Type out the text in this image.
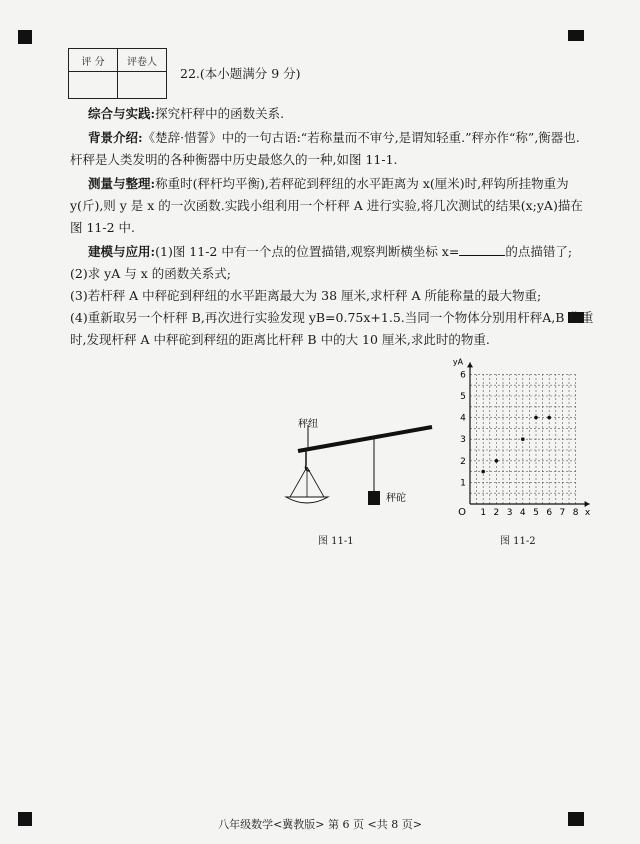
评 分	评卷人

22.(本小题满分 9 分)
综合与实践:探究杆秤中的函数关系.
背景介绍:《楚辞·惜誓》中的一句古语:“若称量而不审兮,是谓知轻重.”秤亦作“称”,衡器也.
杆秤是人类发明的各种衡器中历史最悠久的一种,如图 11-1.
测量与整理:称重时(秤杆均平衡),若秤砣到秤纽的水平距离为 x(厘米)时,秤钩所挂物重为
y(斤),则 y 是 x 的一次函数.实践小组利用一个杆秤 A 进行实验,将几次测试的结果(x;yA)描在
图 11-2 中.
建模与应用:(1)图 11-2 中有一个点的位置描错,观察判断横坐标 x=	的点描错了;
(2)求 yA 与 x 的函数关系式;
(3)若杆秤 A 中秤砣到秤纽的水平距离最大为 38 厘米,求杆秤 A 所能称量的最大物重;
(4)重新取另一个杆秤 B,再次进行实验发现 yB=0.75x+1.5.当同一个物体分别用杆秤A,B 称重
时,发现杆秤 A 中秤砣到秤纽的距离比杆秤 B 中的大 10 厘米,求此时的物重.
秤纽
秤砣
图 11-1
1 2 3 4 5 6 7 8
1
2
3
4
5
6
O	x
yA
图 11-2
八年级数学<冀教版> 第 6 页 <共 8 页>
